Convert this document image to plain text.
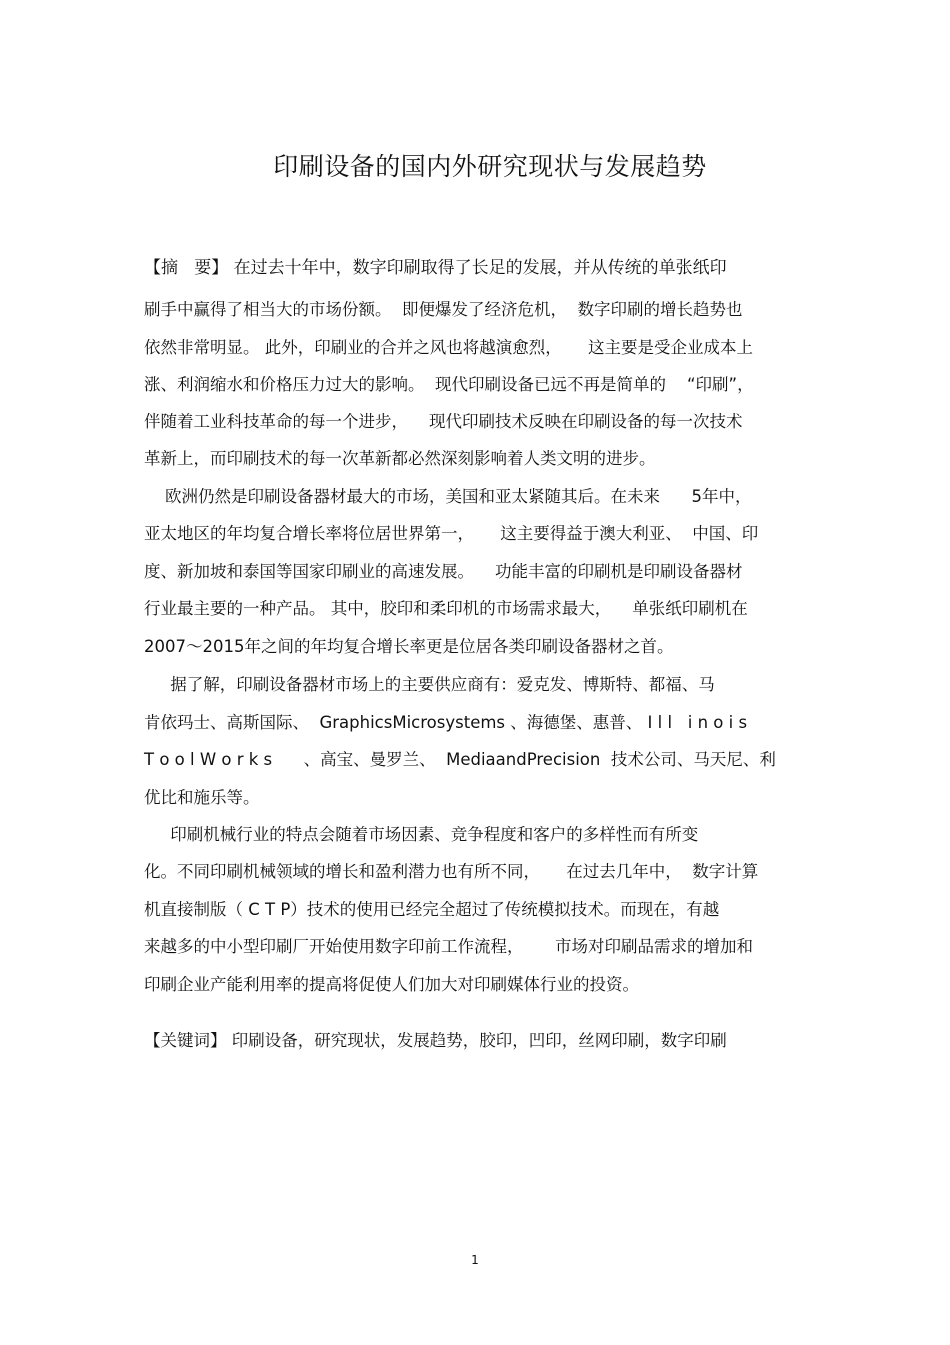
印刷设备的国内外研究现状与发展趋势
【摘   要】 在过去十年中，数字印刷取得了长足的发展，并从传统的单张纸印
刷手中赢得了相当大的市场份额。  即便爆发了经济危机，  数字印刷的增长趋势也
依然非常明显。 此外，印刷业的合并之风也将越演愈烈，     这主要是受企业成本上
涨、利润缩水和价格压力过大的影响。  现代印刷设备已远不再是简单的    “印刷”，
伴随着工业科技革命的每一个进步，    现代印刷技术反映在印刷设备的每一次技术
革新上，而印刷技术的每一次革新都必然深刻影响着人类文明的进步。
欧洲仍然是印刷设备器材最大的市场，美国和亚太紧随其后。在未来      5年中，
亚太地区的年均复合增长率将位居世界第一，     这主要得益于澳大利亚、  中国、印
度、新加坡和泰国等国家印刷业的高速发展。    功能丰富的印刷机是印刷设备器材
行业最主要的一种产品。 其中，胶印和柔印机的市场需求最大，    单张纸印刷机在
2007～2015年之间的年均复合增长率更是位居各类印刷设备器材之首。
据了解，印刷设备器材市场上的主要供应商有：爱克发、博斯特、都福、马
肯依玛士、高斯国际、  GraphicsMicrosystems 、海德堡、惠普、 I l l   i n o i s
T o o l W o r k s      、高宝、曼罗兰、  MediaandPrecision  技术公司、马天尼、利
优比和施乐等。
印刷机械行业的特点会随着市场因素、竞争程度和客户的多样性而有所变
化。不同印刷机械领域的增长和盈利潜力也有所不同，     在过去几年中，  数字计算
机直接制版（ C T P）技术的使用已经完全超过了传统模拟技术。而现在，有越
来越多的中小型印刷厂开始使用数字印前工作流程，      市场对印刷品需求的增加和
印刷企业产能利用率的提高将促使人们加大对印刷媒体行业的投资。
【关键词】 印刷设备，研究现状，发展趋势，胶印，凹印，丝网印刷，数字印刷
1
